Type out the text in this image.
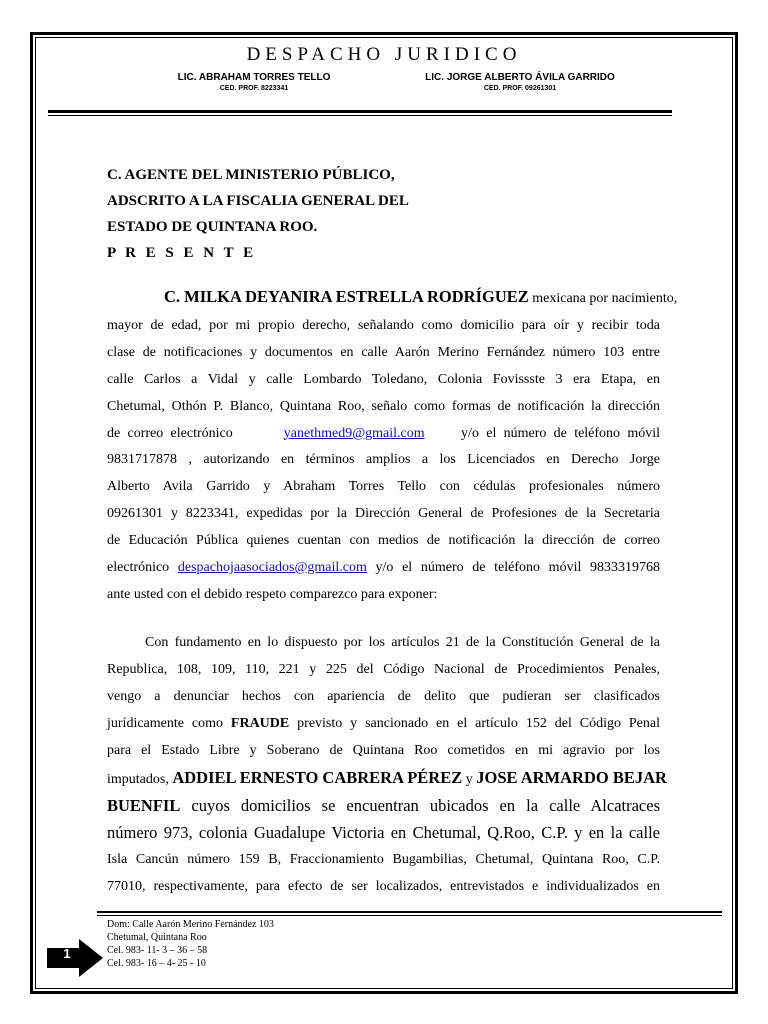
DESPACHO JURIDICO
LIC. ABRAHAM TORRES TELLO
CED. PROF. 8223341
LIC. JORGE ALBERTO ÁVILA GARRIDO
CED. PROF. 09261301
C. AGENTE DEL MINISTERIO PÚBLICO,
ADSCRITO A LA FISCALIA GENERAL DEL
ESTADO DE QUINTANA ROO.
P R E S E N T E
C. MILKA DEYANIRA ESTRELLA RODRÍGUEZ mexicana por nacimiento,
mayor de edad, por mi propio derecho, señalando como domicilio para oír y recibir toda
clase de notificaciones y documentos en calle Aarón Merino Fernández número 103 entre
calle Carlos a Vidal y calle Lombardo Toledano, Colonia Fovissste 3 era Etapa, en
Chetumal, Othón P. Blanco, Quintana Roo, señalo como formas de notificación la dirección
de correo electrónico	yanethmed9@gmail.com     y/o el número de teléfono móvil
9831717878 , autorizando en términos amplios a los Licenciados en Derecho Jorge
Alberto Avila Garrido y Abraham Torres Tello con cédulas profesionales número
09261301 y 8223341, expedidas por la Dirección General de Profesiones de la Secretaria
de Educación Pública quienes cuentan con medios de notificación la dirección de correo
electrónico despachojaasociados@gmail.com y/o el número de teléfono móvil 9833319768
ante usted con el debido respeto comparezco para exponer:
Con fundamento en lo dispuesto por los artículos 21 de la Constitución General de la
Republica, 108, 109, 110, 221 y 225 del Código Nacional de Procedimientos Penales,
vengo a denunciar hechos con apariencia de delito que pudieran ser clasificados
jurídicamente como FRAUDE previsto y sancionado en el artículo 152 del Código Penal
para el Estado Libre y Soberano de Quintana Roo cometidos en mi agravio por los
imputados, ADDIEL ERNESTO CABRERA PÉREZ y JOSE ARMARDO BEJAR
BUENFIL cuyos domicilios se encuentran ubicados en la calle Alcatraces
número 973, colonia Guadalupe Victoria en Chetumal, Q.Roo, C.P. y en la calle
Isla Cancún número 159 B, Fraccionamiento Bugambilias, Chetumal, Quintana Roo, C.P.
77010, respectivamente, para efecto de ser localizados, entrevistados e individualizados en
Dom: Calle Aarón Merino Fernández 103
Chetumal, Quintana Roo
Cel. 983- 11- 3 – 36 – 58
Cel. 983- 16 – 4- 25 - 10
1
